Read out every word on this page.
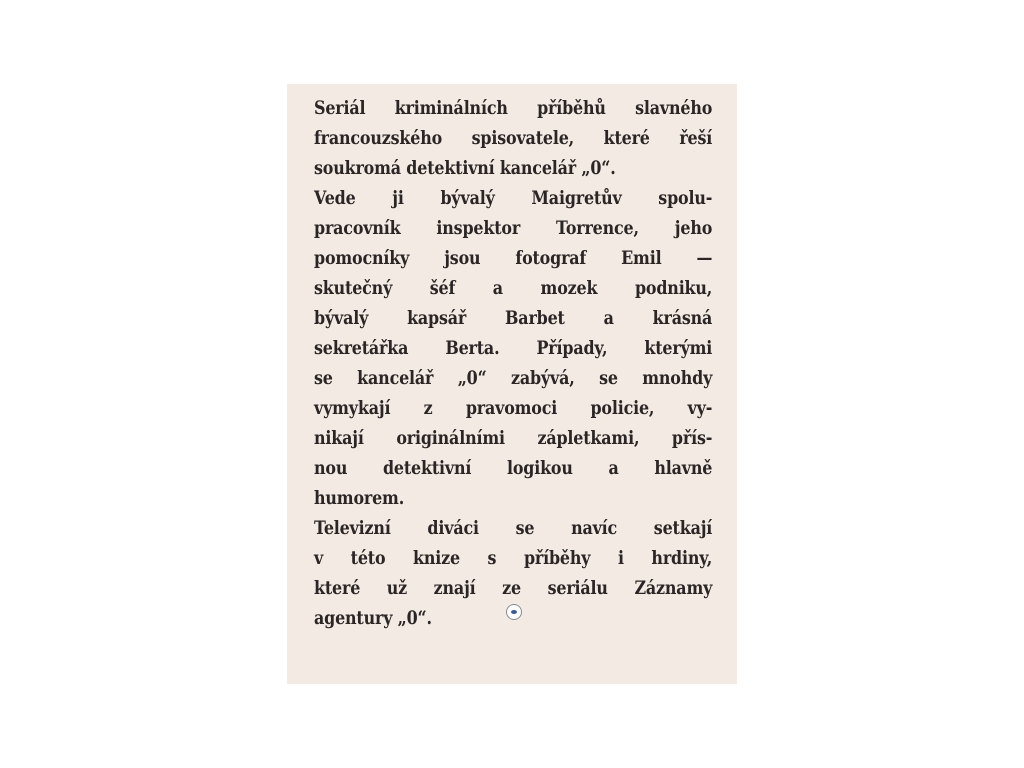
Seriál kriminálních příběhů slavného
francouzského spisovatele, které řeší
soukromá detektivní kancelář „0“.
Vede ji bývalý Maigretův spolu-
pracovník inspektor Torrence, jeho
pomocníky jsou fotograf Emil —
skutečný šéf a mozek podniku,
bývalý kapsář Barbet a krásná
sekretářka Berta. Případy, kterými
se kancelář „0“ zabývá, se mnohdy
vymykají z pravomoci policie, vy-
nikají originálními zápletkami, přís-
nou detektivní logikou a hlavně
humorem.
Televizní diváci se navíc setkají
v této knize s příběhy i hrdiny,
které už znají ze seriálu Záznamy
agentury „0“.
